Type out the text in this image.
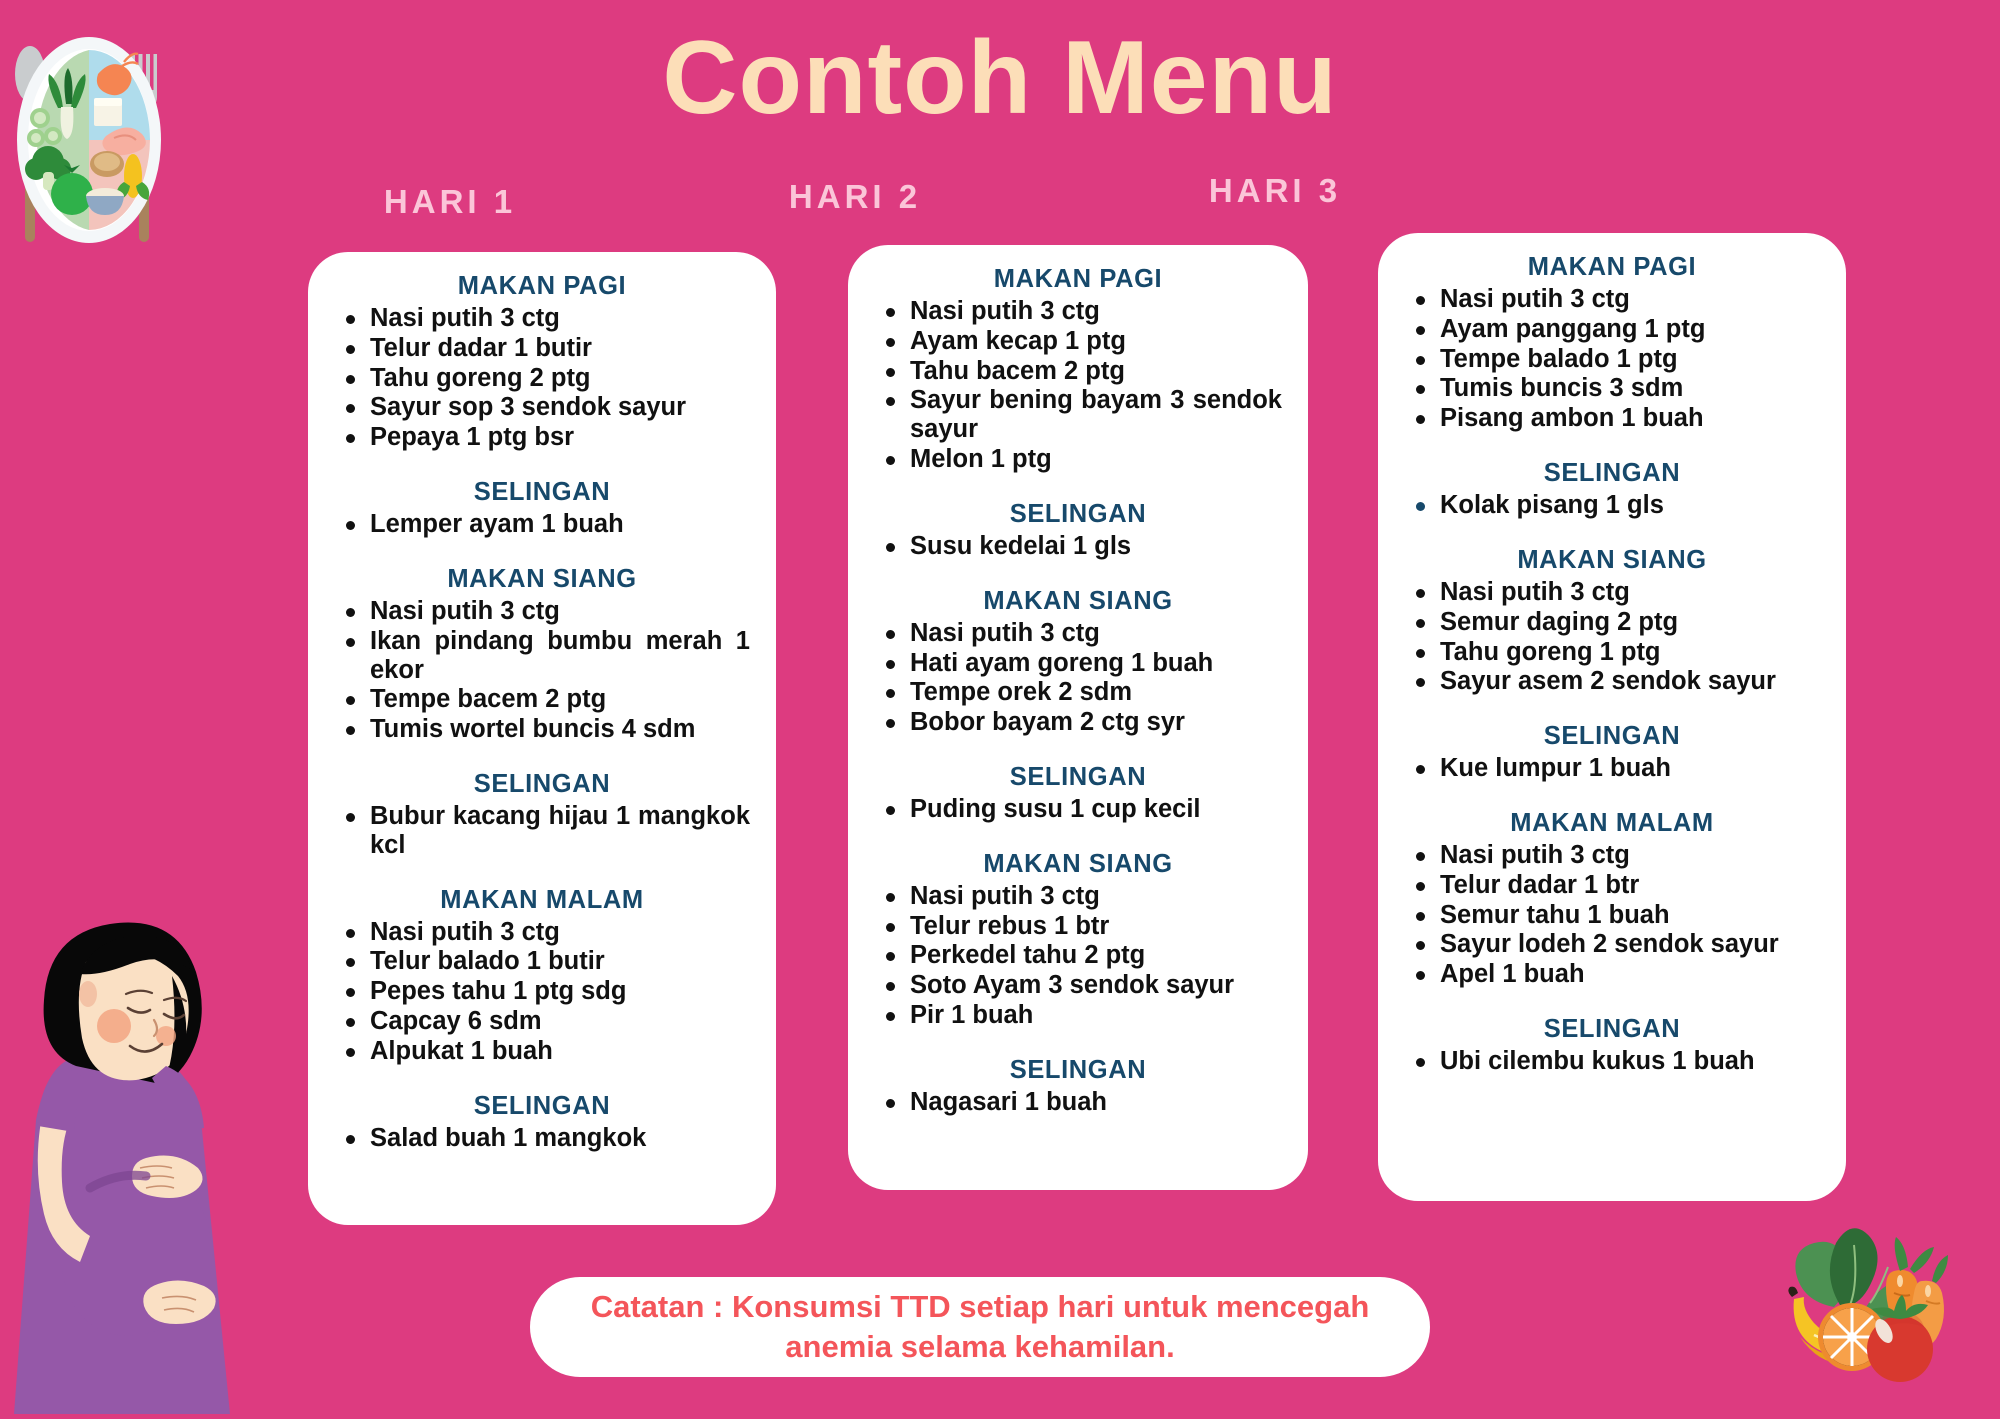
Contoh Menu
HARI 1	HARI 2	HARI 3
MAKAN PAGI
Nasi putih 3 ctg
Telur dadar 1 butir
Tahu goreng 2 ptg
Sayur sop 3 sendok sayur
Pepaya 1 ptg bsr
SELINGAN
Lemper ayam 1 buah
MAKAN SIANG
Nasi putih 3 ctg
Ikan pindang bumbu merah 1 ekor
Tempe bacem 2 ptg
Tumis wortel buncis 4 sdm
SELINGAN
Bubur kacang hijau 1 mangkok kcl
MAKAN MALAM
Nasi putih 3 ctg
Telur balado 1 butir
Pepes tahu 1 ptg sdg
Capcay 6 sdm
Alpukat 1 buah
SELINGAN
Salad buah 1 mangkok
MAKAN PAGI
Nasi putih 3 ctg
Ayam kecap 1 ptg
Tahu bacem 2 ptg
Sayur bening bayam 3 sendok sayur
Melon 1 ptg
SELINGAN
Susu kedelai 1 gls
MAKAN SIANG
Nasi putih 3 ctg
Hati ayam goreng 1 buah
Tempe orek 2 sdm
Bobor bayam 2 ctg syr
SELINGAN
Puding susu 1 cup kecil
MAKAN SIANG
Nasi putih 3 ctg
Telur rebus 1 btr
Perkedel tahu 2 ptg
Soto Ayam 3 sendok sayur
Pir 1 buah
SELINGAN
Nagasari 1 buah
MAKAN PAGI
Nasi putih 3 ctg
Ayam panggang 1 ptg
Tempe balado 1 ptg
Tumis buncis 3 sdm
Pisang ambon 1 buah
SELINGAN
Kolak pisang 1 gls
MAKAN SIANG
Nasi putih 3 ctg
Semur daging 2 ptg
Tahu goreng 1 ptg
Sayur asem 2 sendok sayur
SELINGAN
Kue lumpur 1 buah
MAKAN MALAM
Nasi putih 3 ctg
Telur dadar 1 btr
Semur tahu 1 buah
Sayur lodeh 2 sendok sayur
Apel 1 buah
SELINGAN
Ubi cilembu kukus 1 buah
Catatan : Konsumsi TTD setiap hari untuk mencegah anemia selama kehamilan.
